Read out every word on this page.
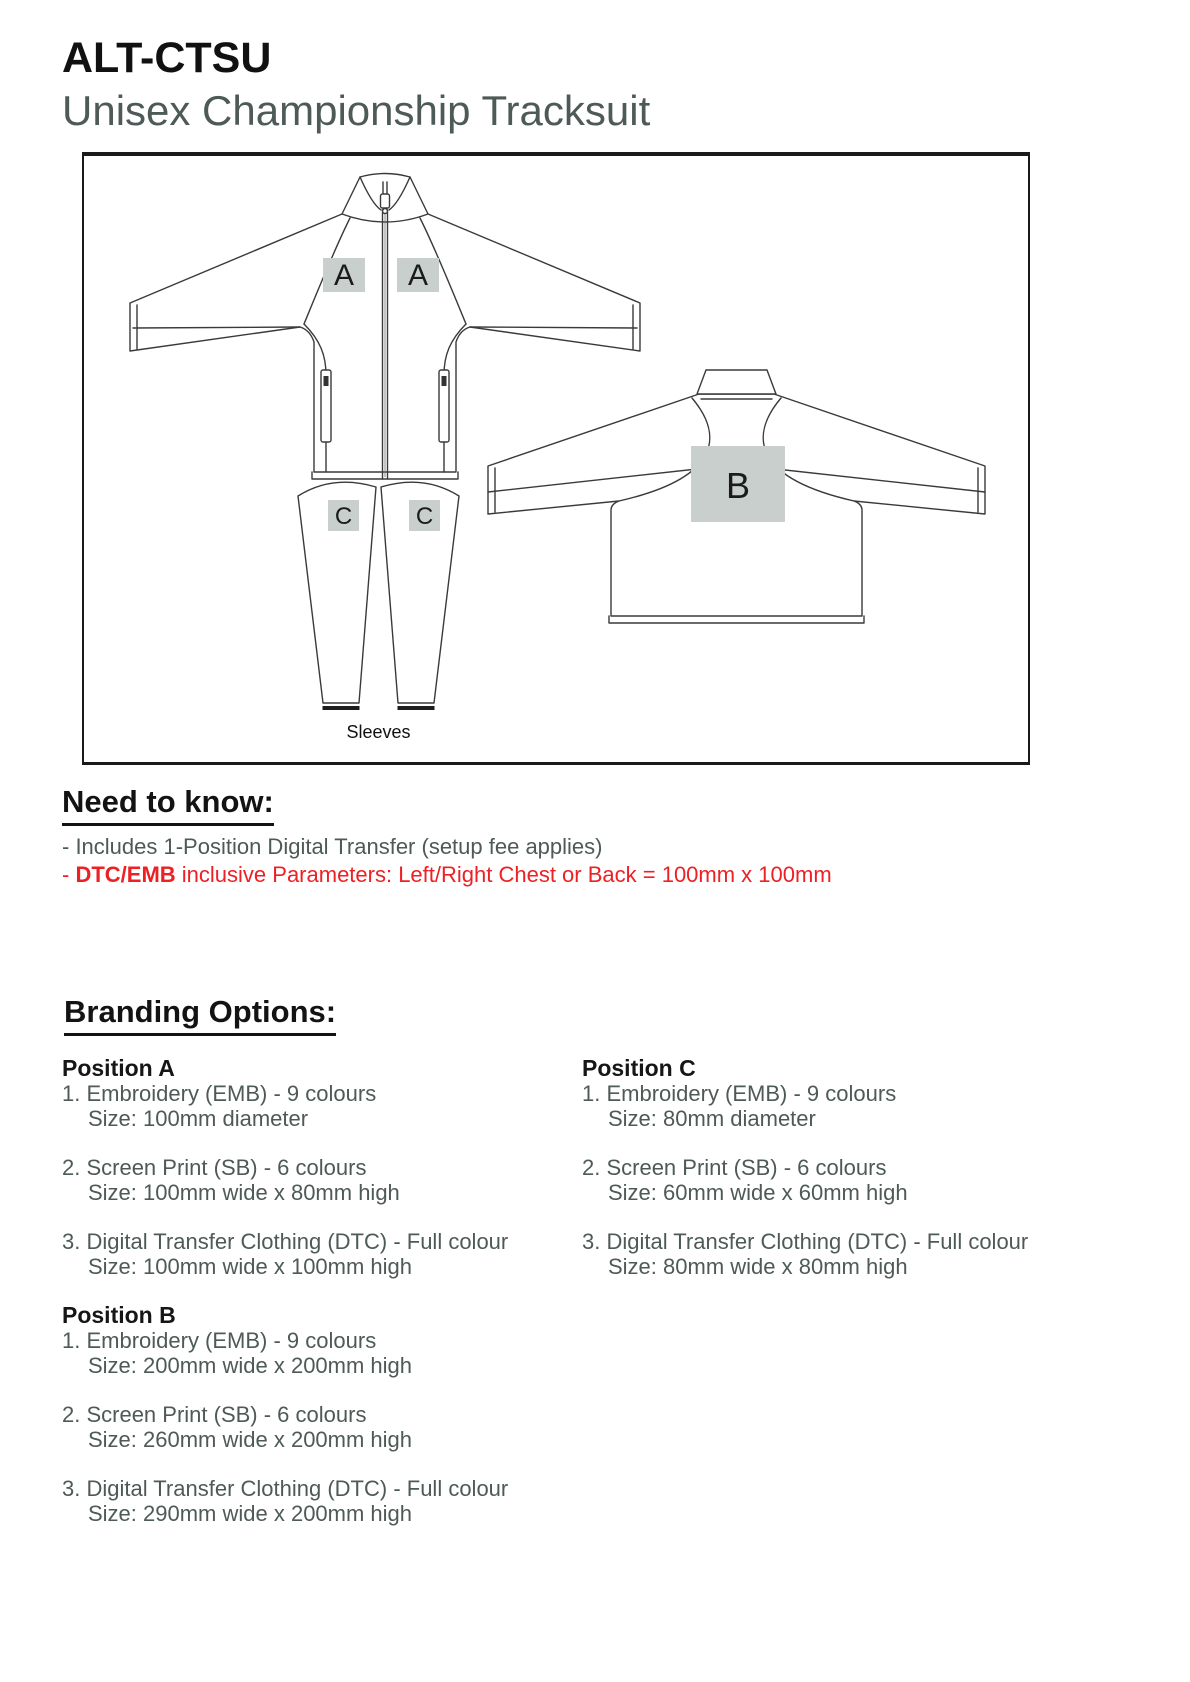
ALT-CTSU
Unisex Championship Tracksuit
A A
B
C	C
Sleeves
Need to know:
- Includes 1-Position Digital Transfer (setup fee applies)
- DTC/EMB inclusive Parameters: Left/Right Chest or Back = 100mm x 100mm
Branding Options:
Position A
1. Embroidery (EMB) - 9 colours
Size: 100mm diameter
2. Screen Print (SB) - 6 colours
Size: 100mm wide x 80mm high
3. Digital Transfer Clothing (DTC) - Full colour
Size: 100mm wide x 100mm high
Position B
1. Embroidery (EMB) - 9 colours
Size: 200mm wide x 200mm high
2. Screen Print (SB) - 6 colours
Size: 260mm wide x 200mm high
3. Digital Transfer Clothing (DTC) - Full colour
Size: 290mm wide x 200mm high
Position C
1. Embroidery (EMB) - 9 colours
Size: 80mm diameter
2. Screen Print (SB) - 6 colours
Size: 60mm wide x 60mm high
3. Digital Transfer Clothing (DTC) - Full colour
Size: 80mm wide x 80mm high
